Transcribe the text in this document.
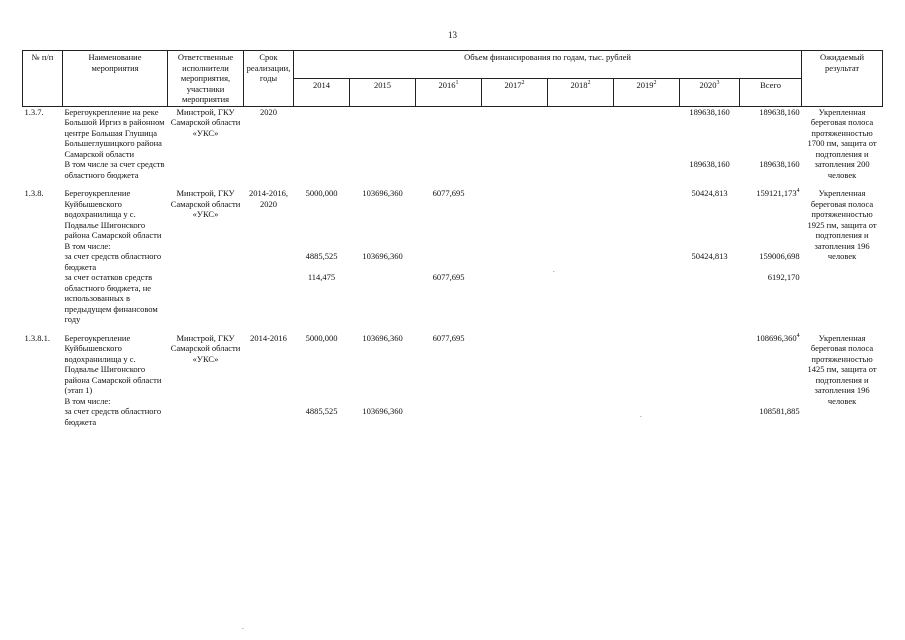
13
№ п/п	Наименование мероприятия	Ответственные исполнители мероприятия, участники мероприятия	Срок реализации, годы	Объем финансирования по годам, тыс. рублей								Ожидаемый результат
				2014	2015	2016$^1$	2017$^2$	2018$^2$	2019$^2$	2020$^3$	Всего	
1.3.7.	Берегоукрепление на реке Большой Иргиз в районном центре Большая Глушица Большеглушицкого района Самарской области	Минстрой, ГКУ Самарской области «УКС»	2020							189638,160	189638,160	Укрепленная береговая полоса протяженностью 1700 пм, защита от подтопления и затопления 200 человек
	В том числе за счет средств областного бюджета									189638,160	189638,160	

1.3.8.	Берегоукрепление Куйбышевского водохранилища у с. Подвалье Шигонского района Самарской области	Минстрой, ГКУ Самарской области «УКС»	2014-2016, 2020	5000,000	103696,360	6077,695				50424,813	159121,173$^4$	Укрепленная береговая полоса протяженностью 1925 пм, защита от подтопления и затопления 196 человек
	В том числе:											
	за счет средств областного бюджета			4885,525	103696,360					50424,813	159006,698	
	за счет остатков средств областного бюджета, не использованных в предыдущем финансовом году			114,475		6077,695					6192,170	

1.3.8.1.	Берегоукрепление Куйбышевского водохранилища у с. Подвалье Шигонского района Самарской области (этап 1)	Минстрой, ГКУ Самарской области «УКС»	2014-2016	5000,000	103696,360	6077,695					108696,360$^4$	Укрепленная береговая полоса протяженностью 1425 пм, защита от подтопления и затопления 196 человек
	В том числе:											
	за счет средств областного бюджета			4885,525	103696,360						108581,885	

.
.
.
